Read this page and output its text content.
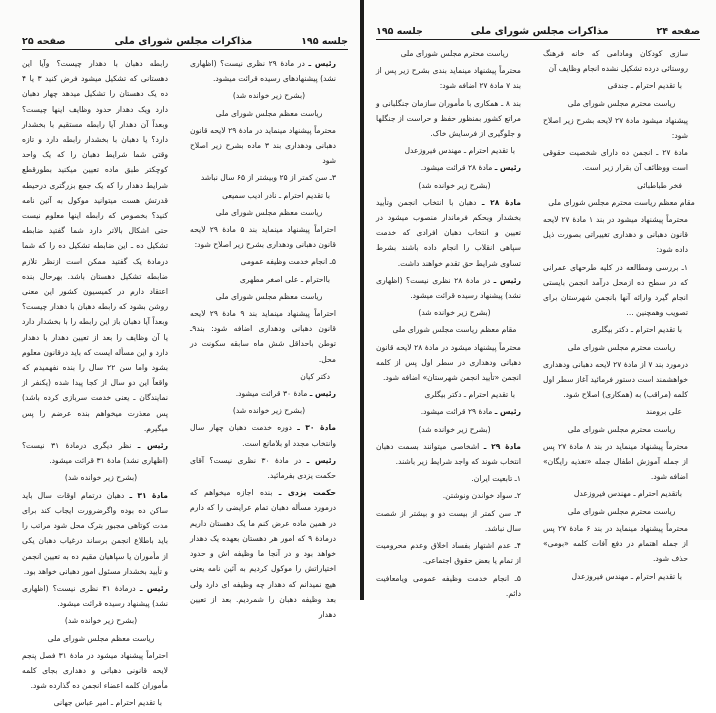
جلسه ۱۹۵
مذاکرات مجلس شورای ملی
صفحه ۲۵

رئیس ـ در مادهٔ ۲۹ نظری نیست؟ (اظهاری نشد) پیشنهادهای رسیده قرائت میشود.

(بشرح زیر خوانده شد)

ریاست معظم مجلس شورای ملی

محترماً پیشنهاد مینماید در مادهٔ ۲۹ لایحه قانون دهبانی ودهداری بند ۳ ماده بشرح زیر اصلاح شود

۳ـ سن کمتر از ۲۵ وبیشتر از ۶۵ سال نباشد

با تقدیم احترام ـ نادر ادیب سمیعی

ریاست معظم مجلس شورای ملی

احتراماً پیشنهاد مینماید بند ۵ مادهٔ ۲۹ لایحه قانون دهبانی ودهداری بشرح زیر اصلاح شود:

۵ـ انجام خدمت وظیفه عمومی

بااحترام ـ علی اصغر مطهری

ریاست معظم مجلس شورای ملی

احتراماً پیشنهاد مینماید بند ۹ مادهٔ ۲۹ لایحه قانون دهبانی ودهداری اضافه شود: بند۹ـ توطن باحداقل شش ماه سابقه سکونت در محل.

دکتر کیان

رئیس ـ مادهٔ ۳۰ قرائت میشود.

(بشرح زیر خوانده شد)

مادهٔ ۳۰ ـ دوره خدمت دهبان چهار سال وانتخاب مجدد او بلامانع است.

رئیس ـ در مادهٔ ۳۰ نظری نیست؟ آقای حکمت یزدی بفرمائید.

حکمت یزدی ـ بنده اجازه میخواهم که درمورد مسأله دهبان تمام عرایضی را که دارم در همین ماده عرض کنم ما یک دهستان داریم درمادهٔ ۹ که امور هر دهستان بعهده یک دهدار خواهد بود و در آنجا ما وظیفه اش و حدود اختیاراتش را موکول کردیم به آئین نامه یعنی هیچ نمیدانم که دهدار چه وظیفه ای دارد ولی بعد وظیفه دهبان را شمردیم. بعد از تعیین دهدار

رابطه دهبان با دهدار چیست؟ وآیا این دهستانی که تشکیل میشود فرض کنید ۳ یا ۴ ده یک دهستان را تشکیل میدهد چهار دهبان دارد ویک دهدار حدود وظایف اینها چیست؟ وبعداً آن دهدار آیا رابطه مستقیم با بخشدار دارد؟ یا دهبان با بخشدار رابطه دارد و تازه وقتی شما شرایط دهبان را که یک واحد کوچکتر طبق ماده تعیین میکنید بطورقطع شرایط دهدار را که یک جمع بزرگتری درحیطه قدرتش هست میتوانید موکول به آئین نامه کنید؟ بخصوص که رابطه اینها معلوم نیست حتی اشکال بالاتر دارد شما گفتید ضابطه تشکیل ده ـ این ضابطه تشکیل ده را که شما درمادهٔ یک گفتید ممکن است ازنظر تلازم ضابطه تشکیل دهستان باشد. بهرحال بنده اعتقاد دارم در کمیسیون کشور این معنی روشن بشود که رابطه دهبان با دهدار چیست؟ وبعداً آیا دهبان باز این رابطه را با بخشدار دارد یا آن وظایف را بعد از تعیین دهدار با دهدار دارد و این مسأله ایست که باید درقانون معلوم بشود واما سن ۲۲ سال را بنده نفهمیدم که واقعاً این دو سال از کجا پیدا شده (یکنفر از نمایندگان ـ یعنی خدمت سربازی کرده باشد) پس معذرت میخواهم بنده عرضم را پس میگیرم.

رئیس ـ نظر دیگری درمادهٔ ۳۱ نیست؟ (اظهاری نشد) مادهٔ ۳۱ قرائت میشود.

(بشرح زیر خوانده شد)

مادهٔ ۳۱ ـ دهبان درتمام اوقات سال باید ساکن ده بوده واگرضرورت ایجاب کند برای مدت کوتاهی مجبور بترک محل شود مراتب را باید باطلاع انجمن برساند درغیاب دهبان یکی از مأموران یا سپاهیان مقیم ده به تعیین انجمن و تأیید بخشدار مسئول امور دهبانی خواهد بود.

رئیس ـ درمادهٔ ۳۱ نظری نیست؟ (اظهاری نشد) پیشنهاد رسیده قرائت میشود.

(بشرح زیر خوانده شد)

ریاست معظم مجلس شورای ملی

احتراماً پیشنهاد میشود در مادهٔ ۳۱ فصل پنجم لایحه قانونی دهبانی و دهداری بجای کلمه مأموران کلمه اعضاء انجمن ده گذارده شود.

با تقدیم احترام ـ امیر عباس جهانی

صفحه ۲۴
مذاکرات مجلس شورای ملی
جلسه ۱۹۵

سازی کودکان ومادامی که خانه فرهنگ روستائی درده تشکیل نشده انجام وظایف آن

با تقدیم احترام ـ جندقی

ریاست محترم مجلس شورای ملی

پیشنهاد میشود مادهٔ ۲۷ لایحه بشرح زیر اصلاح شود:

مادهٔ ۲۷ ـ انجمن ده دارای شخصیت حقوقی است ووظائف آن بقرار زیر است.

فخر طباطبائی

مقام معظم ریاست محترم مجلس شورای ملی

محترماً پیشنهاد میشود در بند ۱ مادهٔ ۲۷ لایحه قانون دهبانی و دهداری تغییراتی بصورت ذیل داده شود:

۱ـ بررسی ومطالعه در کلیه طرحهای عمرانی که در سطح ده ازمحل درآمد انجمن بایستی انجام گیرد وارائه آنها بانجمن شهرستان برای تصویب وهمچنین ...

با تقدیم احترام ـ دکتر بیگلری

ریاست محترم مجلس شورای ملی

درمورد بند ۷ از مادهٔ ۲۷ لایحه دهبانی ودهداری خواهشمند است دستور فرمائید آغاز سطر اول کلمه (مراقب) به (همکاری) اصلاح شود.

علی برومند

ریاست محترم مجلس شورای ملی

محترماً پیشنهاد مینماید در بند ۸ مادهٔ ۲۷ پس از جمله آموزش اطفال جمله «تغذیه رایگان» اضافه شود.

باتقدیم احترام ـ مهندس فیروزعدل

ریاست محترم مجلس شورای ملی

محترماً پیشنهاد مینماید در بند ۶ مادهٔ ۲۷ پس از جمله اهتمام در دفع آفات کلمه «بومی» حذف شود.

با تقدیم احترام ـ مهندس فیروزعدل

ریاست محترم مجلس شورای ملی

محترماً پیشنهاد مینماید بندی بشرح زیر پس از بند ۷ مادهٔ ۲۷ اضافه شود:

بند ۸ ـ همکاری با مأموران سازمان جنگلبانی و مراتع کشور بمنظور حفظ و حراست از جنگلها و جلوگیری از فرسایش خاک.

با تقدیم احترام ـ مهندس فیروزعدل

رئیس ـ مادهٔ ۲۸ قرائت میشود.

(بشرح زیر خوانده شد)

مادهٔ ۲۸ ـ دهبان با انتخاب انجمن وتأیید بخشدار وبحکم فرماندار منصوب میشود در تعیین و انتخاب دهبان افرادی که خدمت سپاهی انقلاب را انجام داده باشند بشرط تساوی شرایط حق تقدم خواهند داشت.

رئیس ـ در مادهٔ ۲۸ نظری نیست؟ (اظهاری نشد) پیشنهاد رسیده قرائت میشود.

(بشرح زیر خوانده شد)

مقام معظم ریاست مجلس شورای ملی

محترماً پیشنهاد میشود در مادهٔ ۲۸ لایحه قانون دهبانی ودهداری در سطر اول پس از کلمه انجمن «تأیید انجمن شهرستان» اضافه شود.

با تقدیم احترام ـ دکتر بیگلری

رئیس ـ مادهٔ ۲۹ قرائت میشود.

(بشرح زیر خوانده شد)

مادهٔ ۲۹ ـ اشخاصی میتوانند بسمت دهبان انتخاب شوند که واجد شرایط زیر باشند.

۱ـ تابعیت ایران.

۲ـ سواد خواندن ونوشتن.

۳ـ سن کمتر از بیست دو و بیشتر از شصت سال نباشد.

۴ـ عدم اشتهار بفساد اخلاق وعدم محرومیت از تمام یا بعض حقوق اجتماعی.

۵ـ انجام خدمت وظیفه عمومی ویامعافیت دائم.
